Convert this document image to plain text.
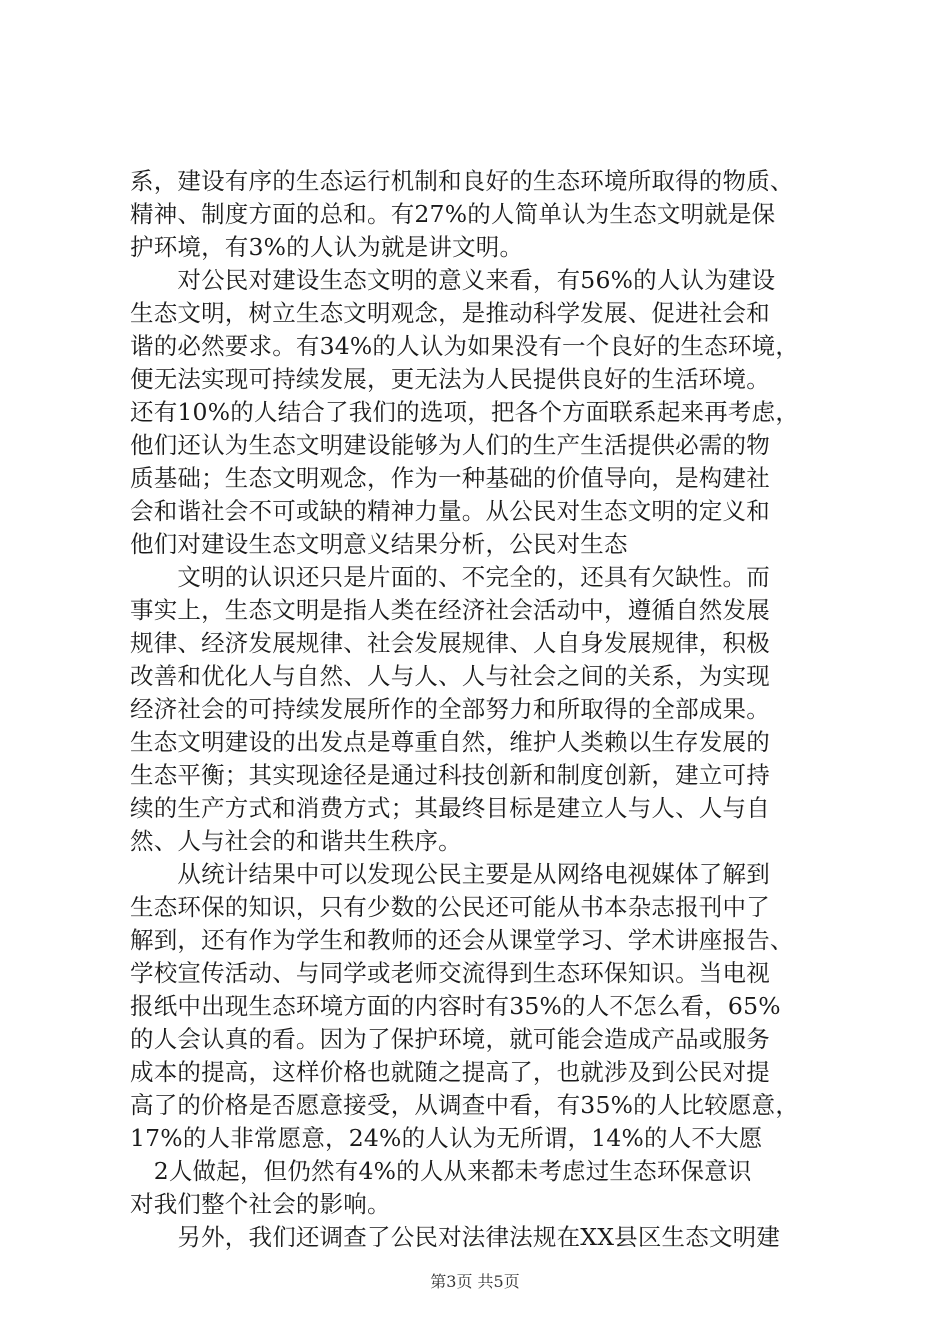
系，建设有序的生态运行机制和良好的生态环境所取得的物质、
精神、制度方面的总和。有27%的人简单认为生态文明就是保
护环境，有3%的人认为就是讲文明。
　　对公民对建设生态文明的意义来看，有56%的人认为建设
生态文明，树立生态文明观念，是推动科学发展、促进社会和
谐的必然要求。有34%的人认为如果没有一个良好的生态环境，
便无法实现可持续发展，更无法为人民提供良好的生活环境。
还有10%的人结合了我们的选项，把各个方面联系起来再考虑，
他们还认为生态文明建设能够为人们的生产生活提供必需的物
质基础；生态文明观念，作为一种基础的价值导向，是构建社
会和谐社会不可或缺的精神力量。从公民对生态文明的定义和
他们对建设生态文明意义结果分析，公民对生态
　　文明的认识还只是片面的、不完全的，还具有欠缺性。而
事实上，生态文明是指人类在经济社会活动中，遵循自然发展
规律、经济发展规律、社会发展规律、人自身发展规律，积极
改善和优化人与自然、人与人、人与社会之间的关系，为实现
经济社会的可持续发展所作的全部努力和所取得的全部成果。
生态文明建设的出发点是尊重自然，维护人类赖以生存发展的
生态平衡；其实现途径是通过科技创新和制度创新，建立可持
续的生产方式和消费方式；其最终目标是建立人与人、人与自
然、人与社会的和谐共生秩序。
　　从统计结果中可以发现公民主要是从网络电视媒体了解到
生态环保的知识，只有少数的公民还可能从书本杂志报刊中了
解到，还有作为学生和教师的还会从课堂学习、学术讲座报告、
学校宣传活动、与同学或老师交流得到生态环保知识。当电视
报纸中出现生态环境方面的内容时有35%的人不怎么看，65%
的人会认真的看。因为了保护环境，就可能会造成产品或服务
成本的提高，这样价格也就随之提高了，也就涉及到公民对提
高了的价格是否愿意接受，从调查中看，有35%的人比较愿意，
17%的人非常愿意，24%的人认为无所谓，14%的人不大愿
　2人做起，但仍然有4%的人从来都未考虑过生态环保意识
对我们整个社会的影响。
　　另外，我们还调查了公民对法律法规在XX县区生态文明建
第3页 共5页
